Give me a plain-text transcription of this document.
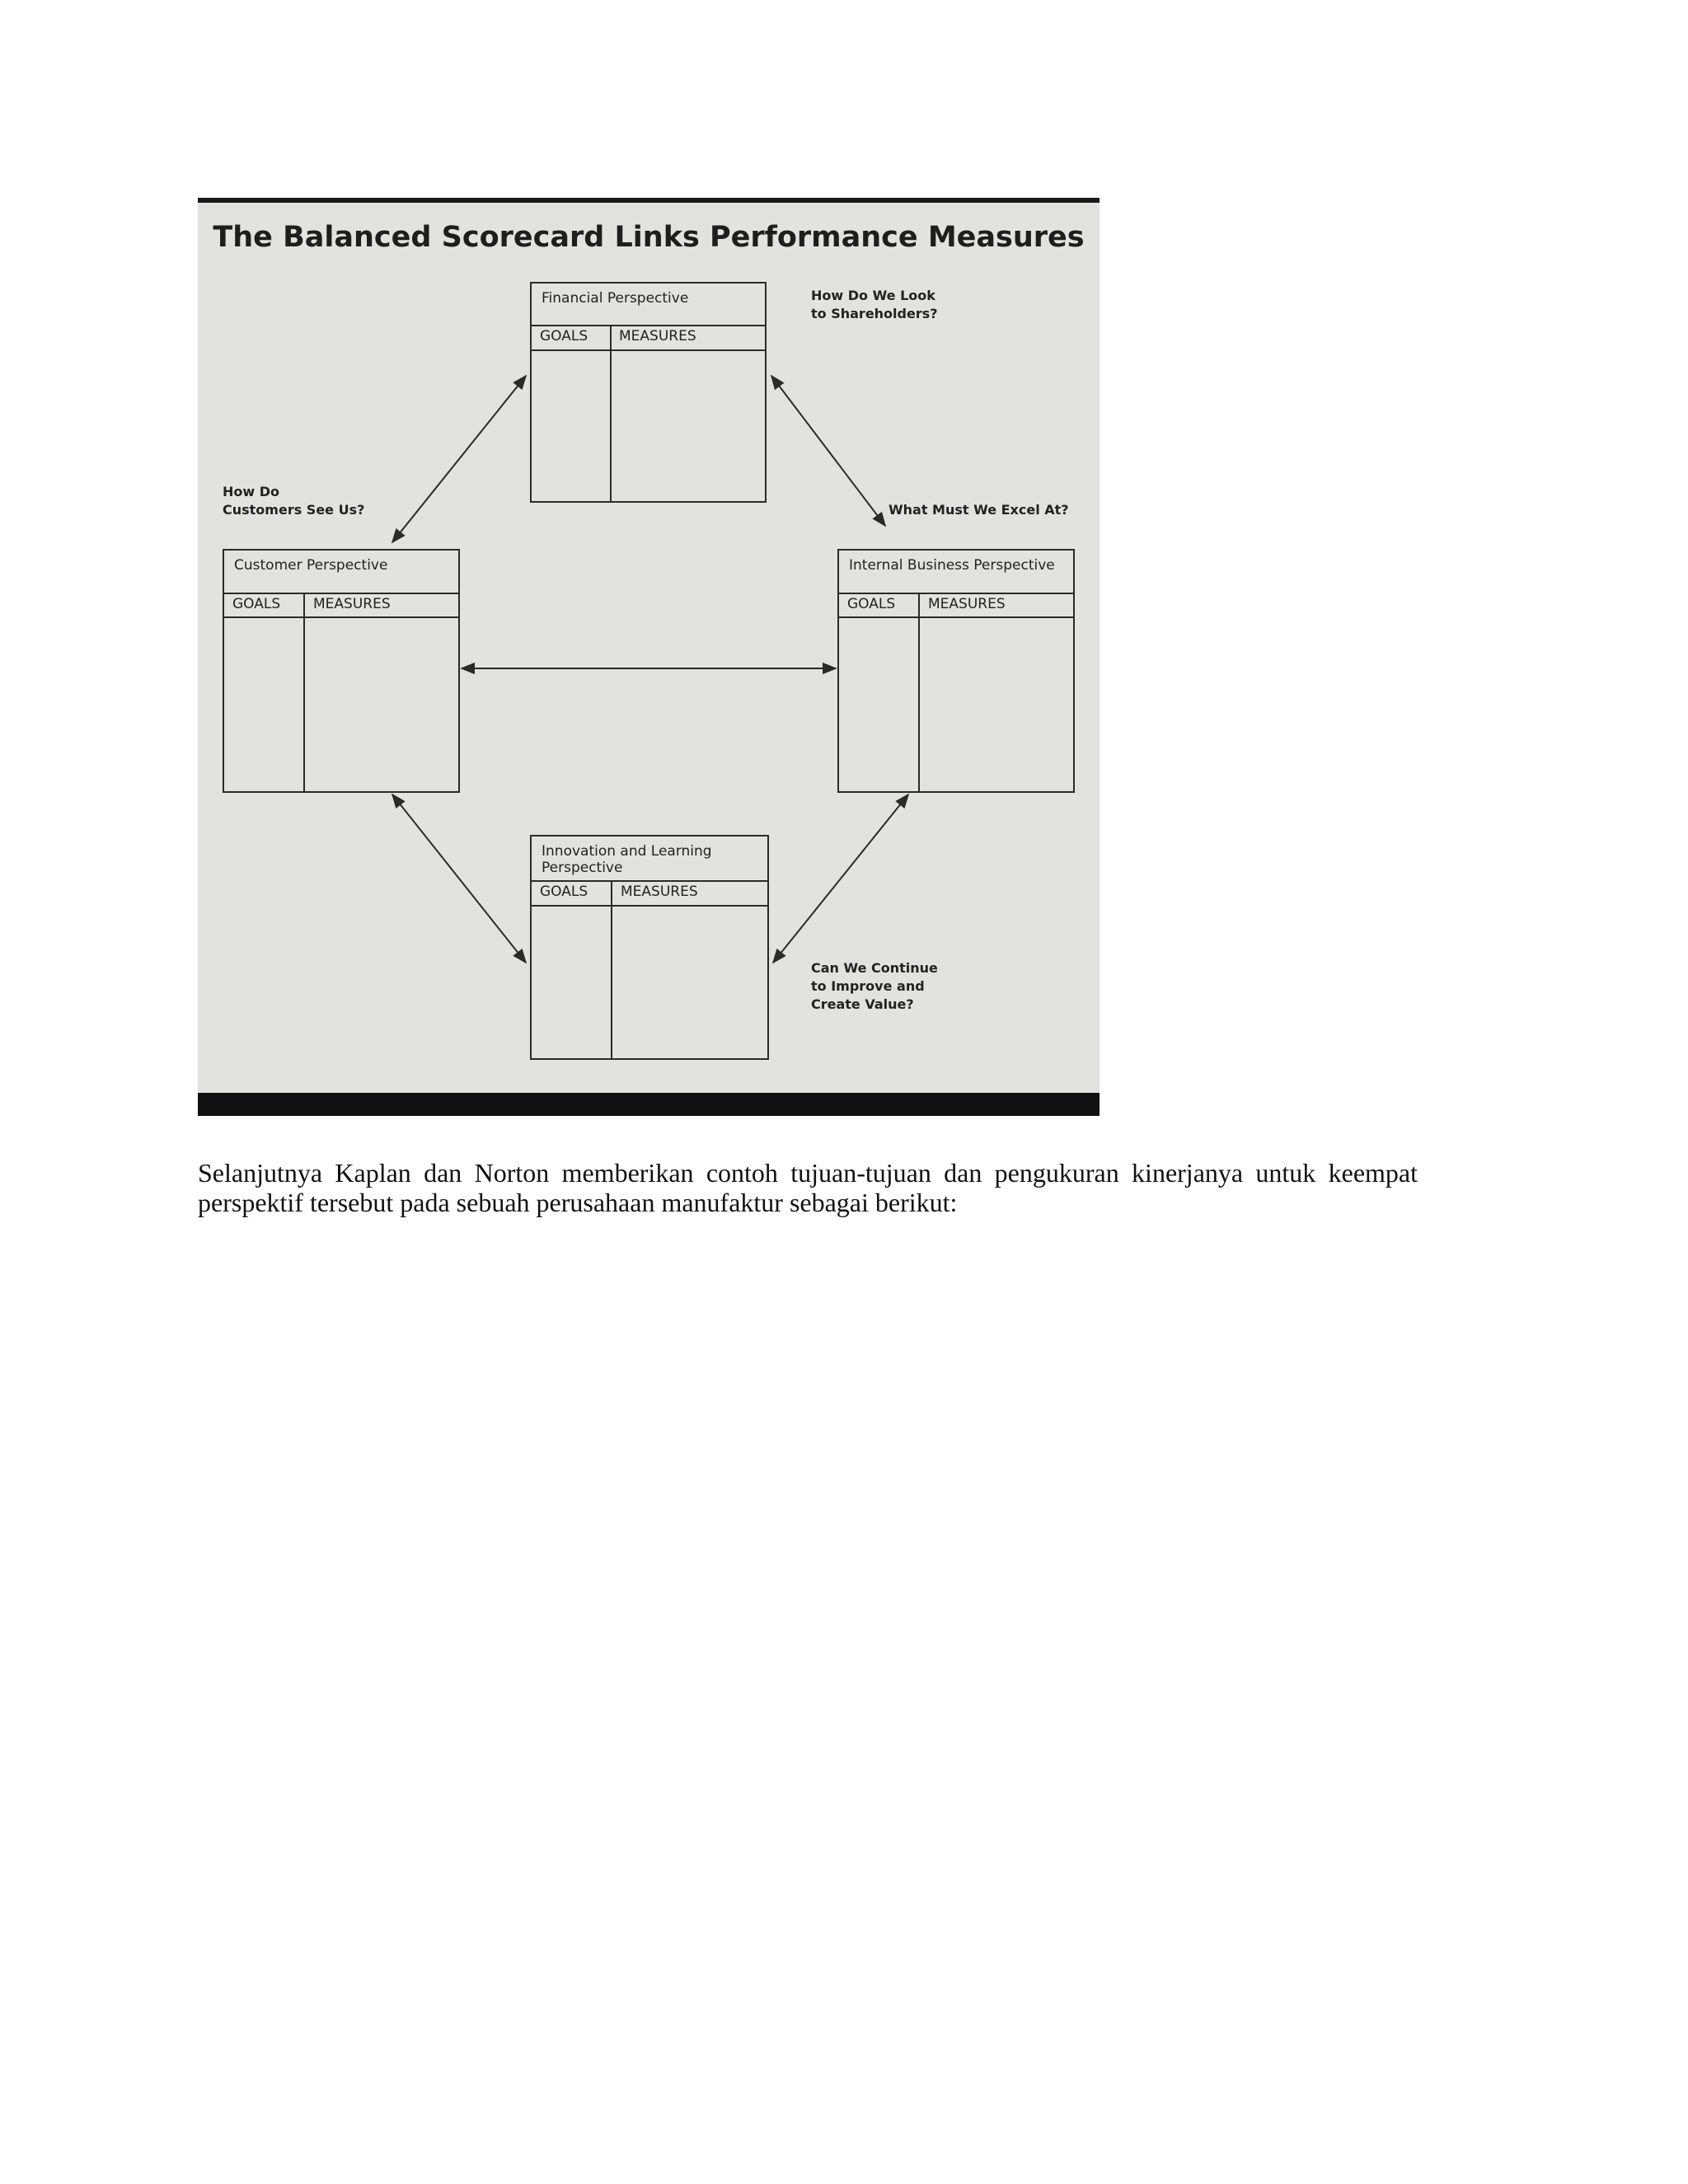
The Balanced Scorecard Links Performance Measures
Financial Perspective
GOALS MEASURES
Customer Perspective
GOALS MEASURES
Internal Business Perspective
GOALS MEASURES
Innovation and Learning
Perspective
GOALS MEASURES
How Do We Look
to Shareholders?
How Do
Customers See Us?	What Must We Excel At?
Can We Continue
to Improve and
Create Value?
Selanjutnya Kaplan dan Norton memberikan contoh tujuan-tujuan dan pengukuran kinerjanya untuk keempat perspektif tersebut pada sebuah perusahaan manufaktur sebagai berikut:
